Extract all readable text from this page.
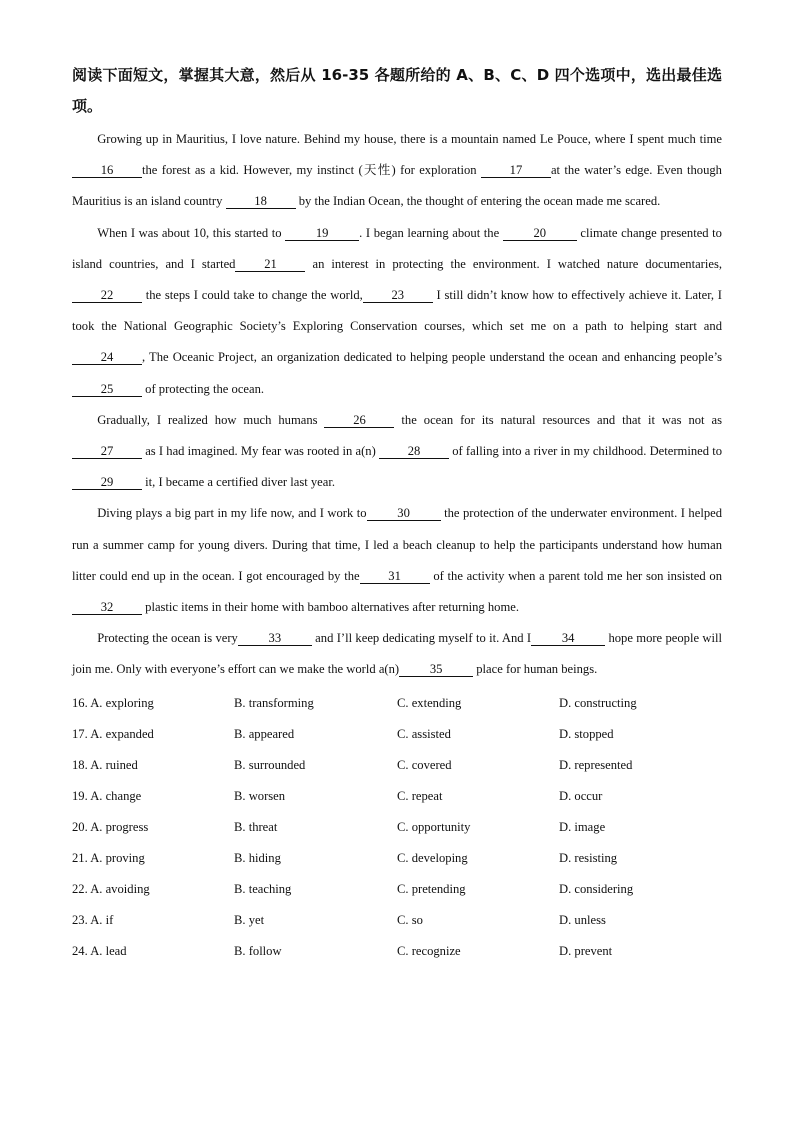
阅读下面短文，掌握其大意，然后从 16-35 各题所给的 A、B、C、D 四个选项中，选出最佳选项。

Growing up in Mauritius, I love nature. Behind my house, there is a mountain named Le Pouce, where I spent much time 16 the forest as a kid. However, my instinct (天性) for exploration 17 at the water’s edge. Even though Mauritius is an island country 18 by the Indian Ocean, the thought of entering the ocean made me scared.

When I was about 10, this started to 19 . I began learning about the 20 climate change presented to island countries, and I started 21 an interest in protecting the environment. I watched nature documentaries,22 the steps I could take to change the world, 23 I still didn’t know how to effectively achieve it. Later, I took the National Geographic Society’s Exploring Conservation courses, which set me on a path to helping start and24 , The Oceanic Project, an organization dedicated to helping people understand the ocean and enhancing people’s25 of protecting the ocean.

Gradually, I realized how much humans 26 the ocean for its natural resources and that it was not as 27 as I had imagined. My fear was rooted in a(n) 28 of falling into a river in my childhood. Determined to29 it, I became a certified diver last year.

Diving plays a big part in my life now, and I work to 30 the protection of the underwater environment. I helped run a summer camp for young divers. During that time, I led a beach cleanup to help the participants understand how human litter could end up in the ocean. I got encouraged by the 31 of the activity when a parent told me her son insisted on 32 plastic items in their home with bamboo alternatives after returning home.

Protecting the ocean is very 33 and I’ll keep dedicating myself to it. And I 34 hope more people will join me. Only with everyone’s effort can we make the world a(n) 35 place for human beings.

16. A. exploring	B. transforming	C. extending	D. constructing
17. A. expanded	B. appeared	C. assisted	D. stopped
18. A. ruined	B. surrounded	C. covered	D. represented
19. A. change	B. worsen	C. repeat	D. occur
20. A. progress	B. threat	C. opportunity	D. image
21. A. proving	B. hiding	C. developing	D. resisting
22. A. avoiding	B. teaching	C. pretending	D. considering
23. A. if	B. yet	C. so	D. unless
24. A. lead	B. follow	C. recognize	D. prevent
